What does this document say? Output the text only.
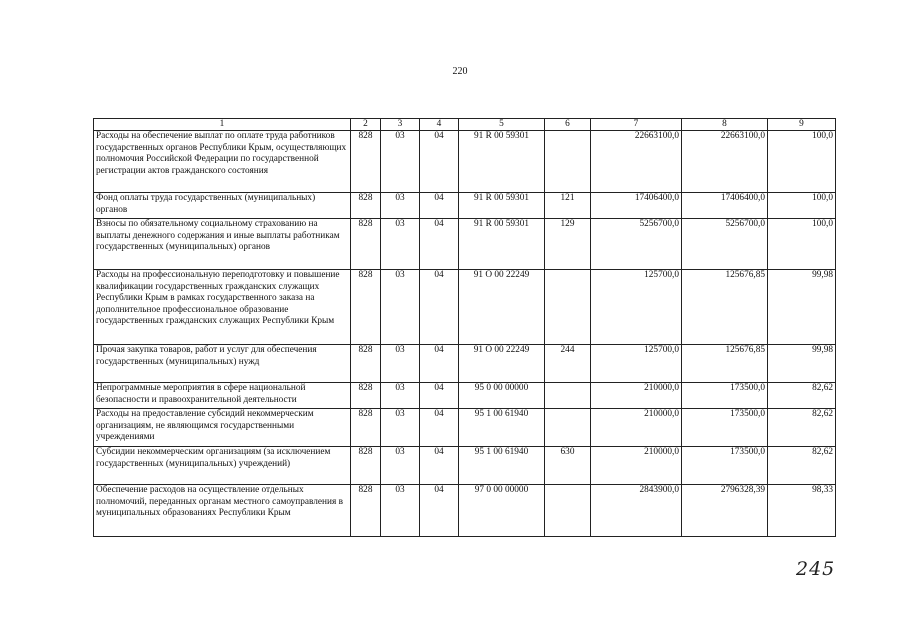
220
1	2	3	4	5	6	7	8	9
Расходы на обеспечение выплат по оплате труда работников государственных органов Республики Крым, осуществляющих полномочия Российской Федерации по государственной регистрации актов гражданского состояния	828	03	04	91 R 00 59301		22663100,0	22663100,0	100,0
Фонд оплаты труда государственных (муниципальных) органов	828	03	04	91 R 00 59301	121	17406400,0	17406400,0	100,0
Взносы по обязательному социальному страхованию на выплаты денежного содержания и иные выплаты работникам государственных (муниципальных) органов	828	03	04	91 R 00 59301	129	5256700,0	5256700,0	100,0
Расходы на профессиональную переподготовку и повышение квалификации государственных гражданских служащих Республики Крым в рамках государственного заказа на дополнительное профессиональное образование государственных гражданских служащих Республики Крым	828	03	04	91 О 00 22249		125700,0	125676,85	99,98
Прочая закупка товаров, работ и услуг для обеспечения государственных (муниципальных) нужд	828	03	04	91 О 00 22249	244	125700,0	125676,85	99,98
Непрограммные мероприятия в сфере национальной безопасности и правоохранительной деятельности	828	03	04	95 0 00 00000		210000,0	173500,0	82,62
Расходы на предоставление субсидий некоммерческим организациям, не являющимся государственными учреждениями	828	03	04	95 1 00 61940		210000,0	173500,0	82,62
Субсидии некоммерческим организациям (за исключением государственных (муниципальных) учреждений)	828	03	04	95 1 00 61940	630	210000,0	173500,0	82,62
Обеспечение расходов на осуществление отдельных полномочий, переданных органам местного самоуправления в муниципальных образованиях Республики Крым	828	03	04	97 0 00 00000		2843900,0	2796328,39	98,33
245
